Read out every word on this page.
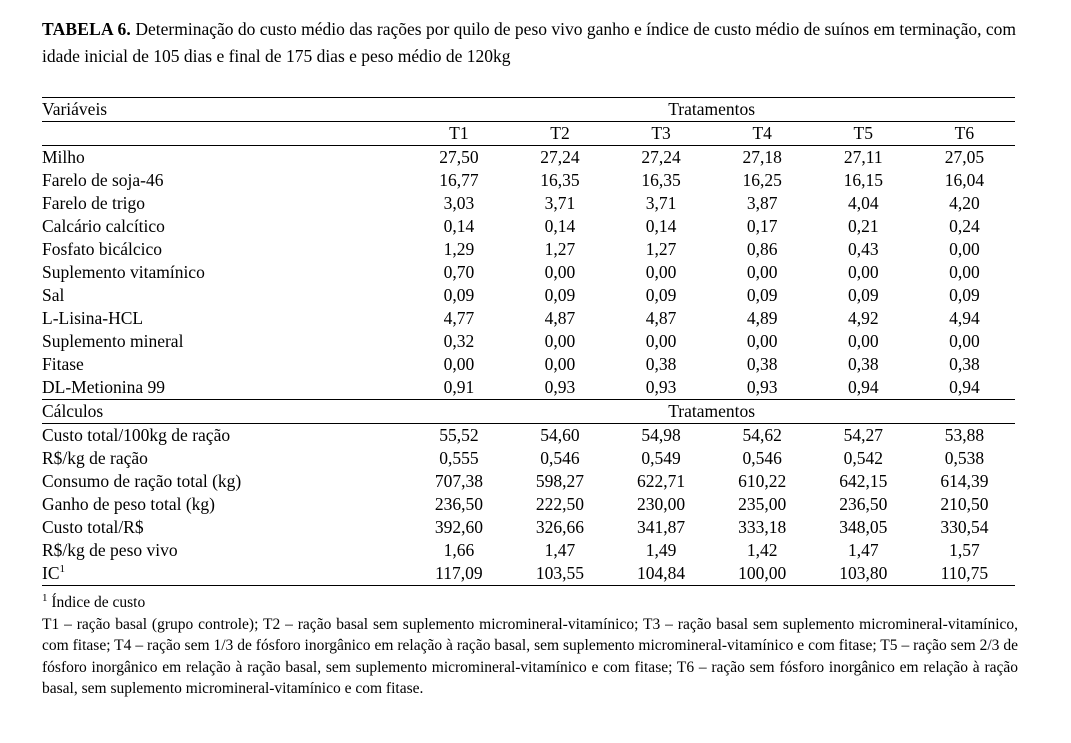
TABELA 6. Determinação do custo médio das rações por quilo de peso vivo ganho e índice de custo médio de suínos em terminação, com idade inicial de 105 dias e final de 175 dias e peso médio de 120kg

Variáveis	Tratamentos					
	T1	T2	T3	T4	T5	T6
Milho	27,50	27,24	27,24	27,18	27,11	27,05
Farelo de soja-46	16,77	16,35	16,35	16,25	16,15	16,04
Farelo de trigo	3,03	3,71	3,71	3,87	4,04	4,20
Calcário calcítico	0,14	0,14	0,14	0,17	0,21	0,24
Fosfato bicálcico	1,29	1,27	1,27	0,86	0,43	0,00
Suplemento vitamínico	0,70	0,00	0,00	0,00	0,00	0,00
Sal	0,09	0,09	0,09	0,09	0,09	0,09
L-Lisina-HCL	4,77	4,87	4,87	4,89	4,92	4,94
Suplemento mineral	0,32	0,00	0,00	0,00	0,00	0,00
Fitase	0,00	0,00	0,38	0,38	0,38	0,38
DL-Metionina 99	0,91	0,93	0,93	0,93	0,94	0,94
Cálculos	Tratamentos					
Custo total/100kg de ração	55,52	54,60	54,98	54,62	54,27	53,88
R$/kg de ração	0,555	0,546	0,549	0,546	0,542	0,538
Consumo de ração total (kg)	707,38	598,27	622,71	610,22	642,15	614,39
Ganho de peso total (kg)	236,50	222,50	230,00	235,00	236,50	210,50
Custo total/R$	392,60	326,66	341,87	333,18	348,05	330,54
R$/kg de peso vivo	1,66	1,47	1,49	1,42	1,47	1,57
$IC^1$	117,09	103,55	104,84	100,00	103,80	110,75

$^1$ Índice de custo

T1 – ração basal (grupo controle); T2 – ração basal sem suplemento micromineral-vitamínico; T3 – ração basal sem suplemento micromineral-vitamínico, com fitase; T4 – ração sem 1/3 de fósforo inorgânico em relação à ração basal, sem suplemento micromineral-vitamínico e com fitase; T5 – ração sem 2/3 de fósforo inorgânico em relação à ração basal, sem suplemento micromineral-vitamínico e com fitase; T6 – ração sem fósforo inorgânico em relação à ração basal, sem suplemento micromineral-vitamínico e com fitase.
